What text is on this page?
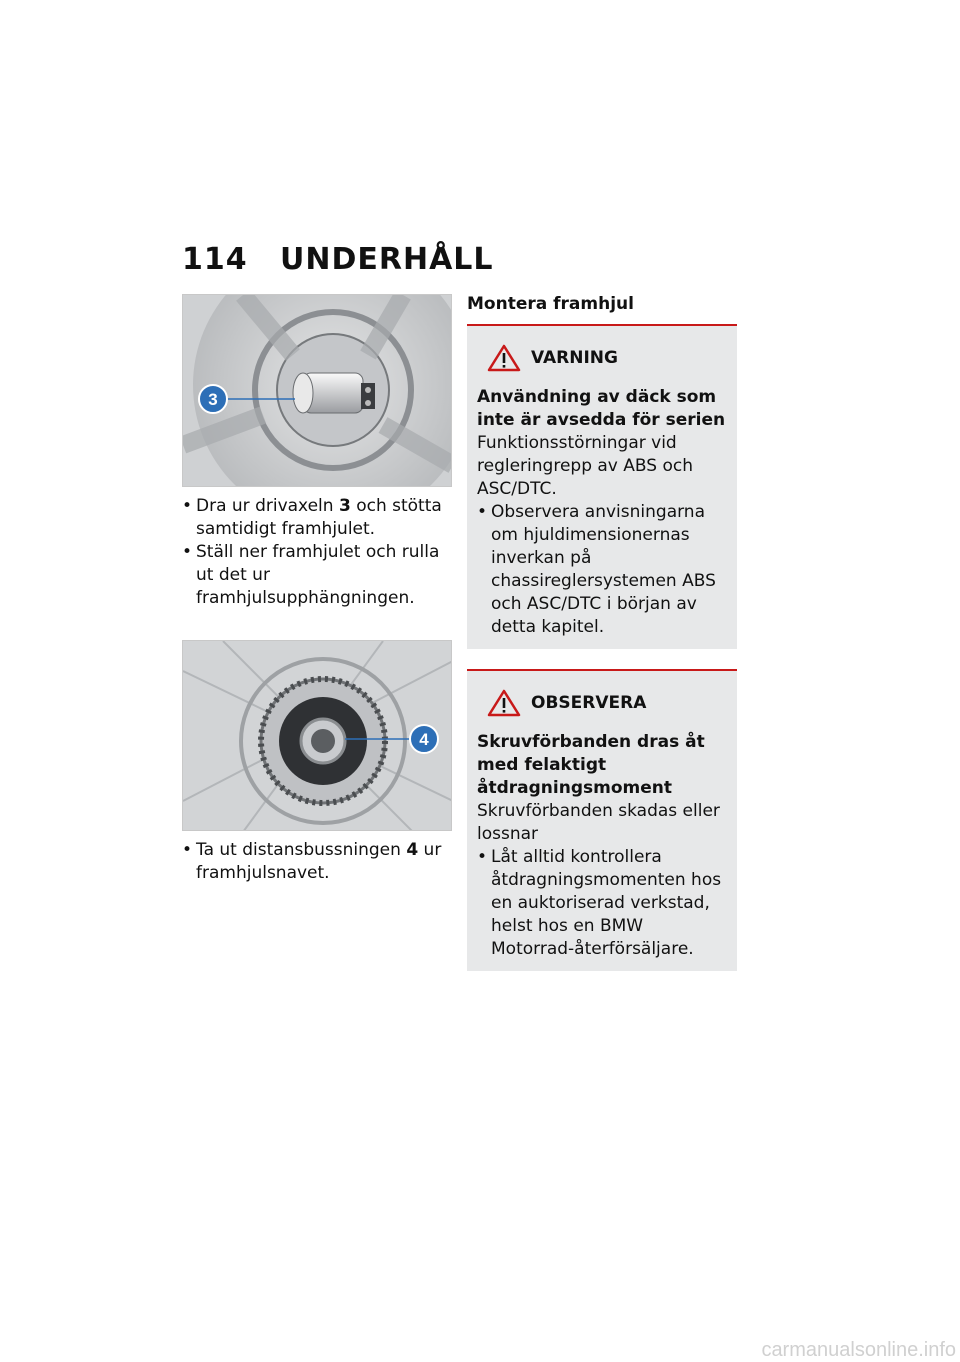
114 UNDERHÅLL
3
• Dra ur drivaxeln 3 och stötta samtidigt framhjulet.
• Ställ ner framhjulet och rulla ut det ur framhjulsupphängningen.
4
• Ta ut distansbussningen 4 ur framhjulsnavet.
Montera framhjul
VARNING
Användning av däck som inte är avsedda för serien
Funktionsstörningar vid regleringrepp av ABS och ASC/DTC.
• Observera anvisningarna om hjuldimensionernas inverkan på chassireglersystemen ABS och ASC/DTC i början av detta kapitel.
OBSERVERA
Skruvförbanden dras åt med felaktigt åtdragningsmoment
Skruvförbanden skadas eller lossnar
• Låt alltid kontrollera åtdragningsmomenten hos en auktoriserad verkstad, helst hos en BMW Motorrad-återförsäljare.
carmanualsonline.info
